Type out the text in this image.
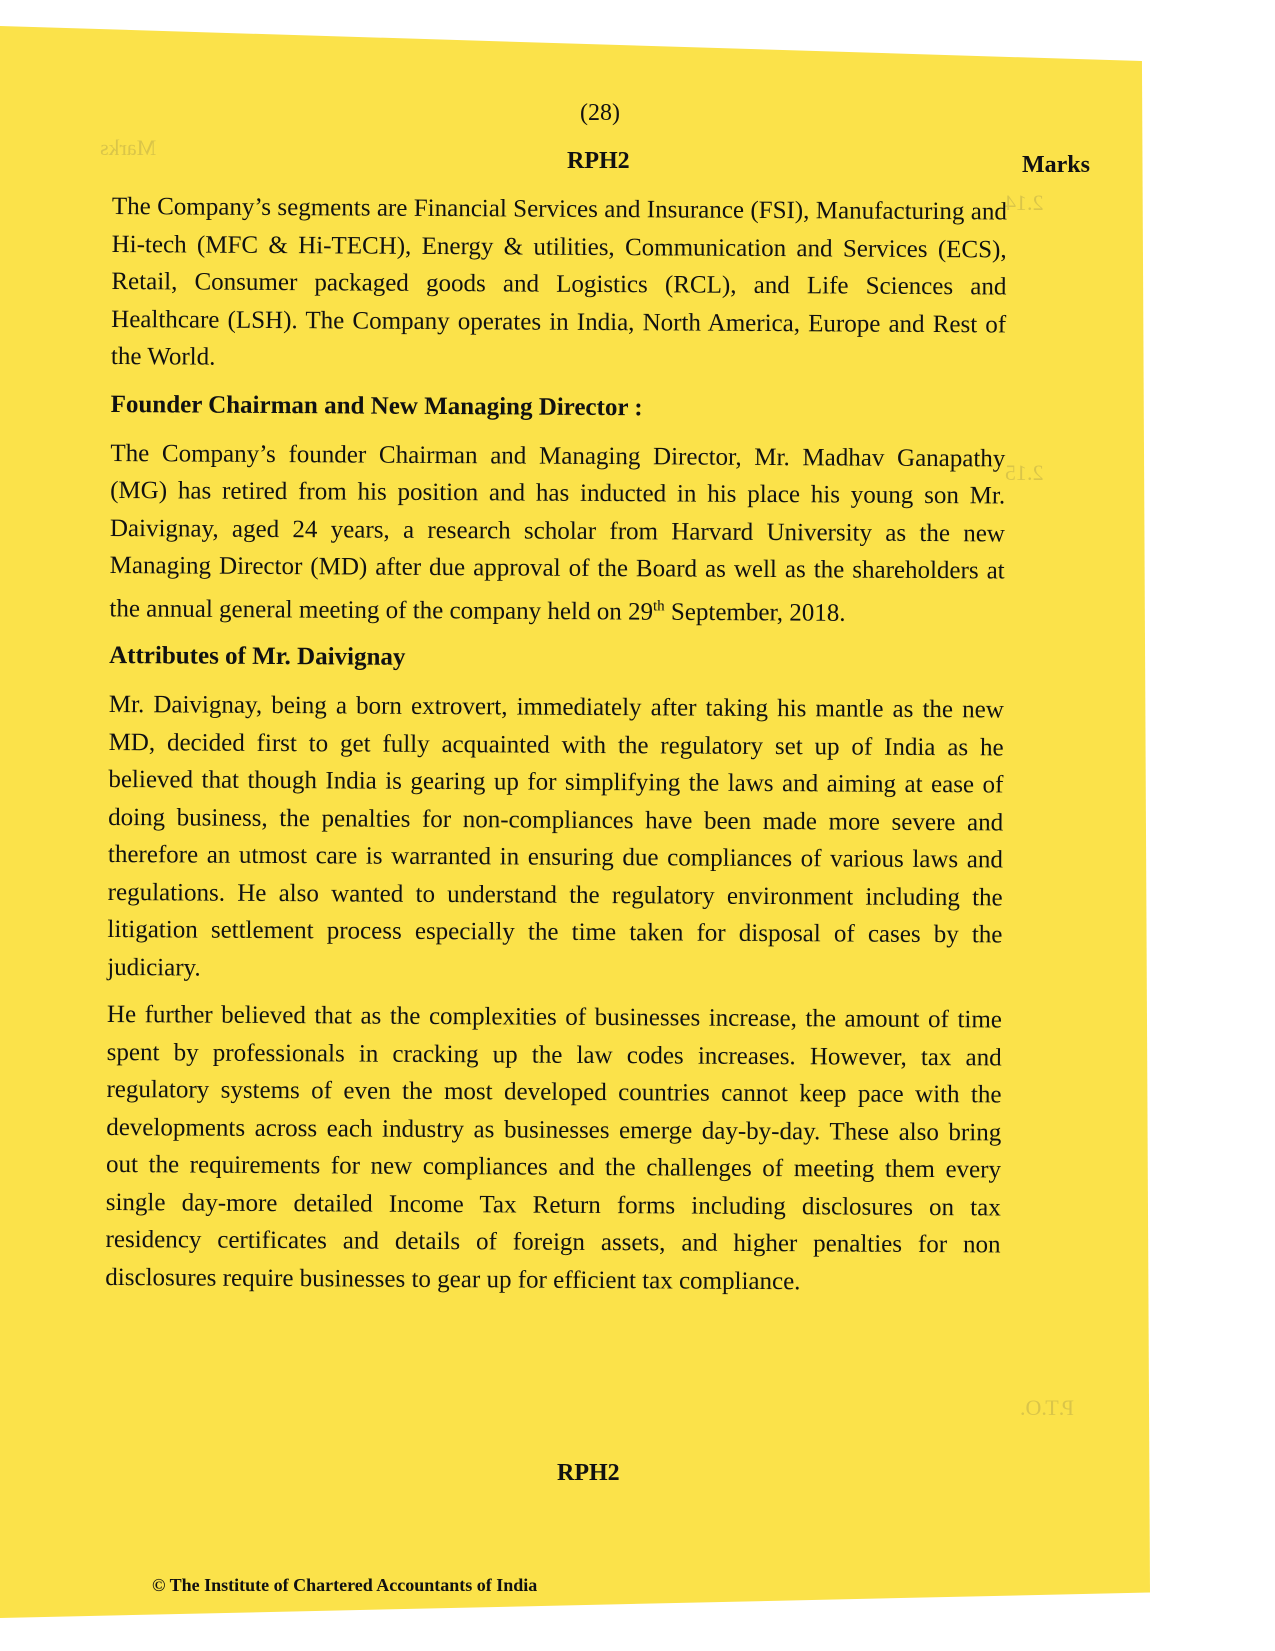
Marks
2.14
2.15
P.T.O.
(28)
RPH2	Marks

The Company’s segments are Financial Services and Insurance (FSI), Manufacturing and Hi-tech (MFC & Hi-TECH), Energy & utilities, Communication and Services (ECS), Retail, Consumer packaged goods and Logistics (RCL), and Life Sciences and Healthcare (LSH). The Company operates in India, North America, Europe and Rest of the World.

Founder Chairman and New Managing Director :

The Company’s founder Chairman and Managing Director, Mr. Madhav Ganapathy (MG) has retired from his position and has inducted in his place his young son Mr. Daivignay, aged 24 years, a research scholar from Harvard University as the new Managing Director (MD) after due approval of the Board as well as the shareholders at the annual general meeting of the company held on 29th September, 2018.

Attributes of Mr. Daivignay

Mr. Daivignay, being a born extrovert, immediately after taking his mantle as the new MD, decided first to get fully acquainted with the regulatory set up of India as he believed that though India is gearing up for simplifying the laws and aiming at ease of doing business, the penalties for non-compliances have been made more severe and therefore an utmost care is warranted in ensuring due compliances of various laws and regulations. He also wanted to understand the regulatory environment including the litigation settlement process especially the time taken for disposal of cases by the judiciary.

He further believed that as the complexities of businesses increase, the amount of time spent by professionals in cracking up the law codes increases. However, tax and regulatory systems of even the most developed countries cannot keep pace with the developments across each industry as businesses emerge day-by-day. These also bring out the requirements for new compliances and the challenges of meeting them every single day-more detailed Income Tax Return forms including disclosures on tax residency certificates and details of foreign assets, and higher penalties for non disclosures require businesses to gear up for efficient tax compliance.

RPH2
© The Institute of Chartered Accountants of India
